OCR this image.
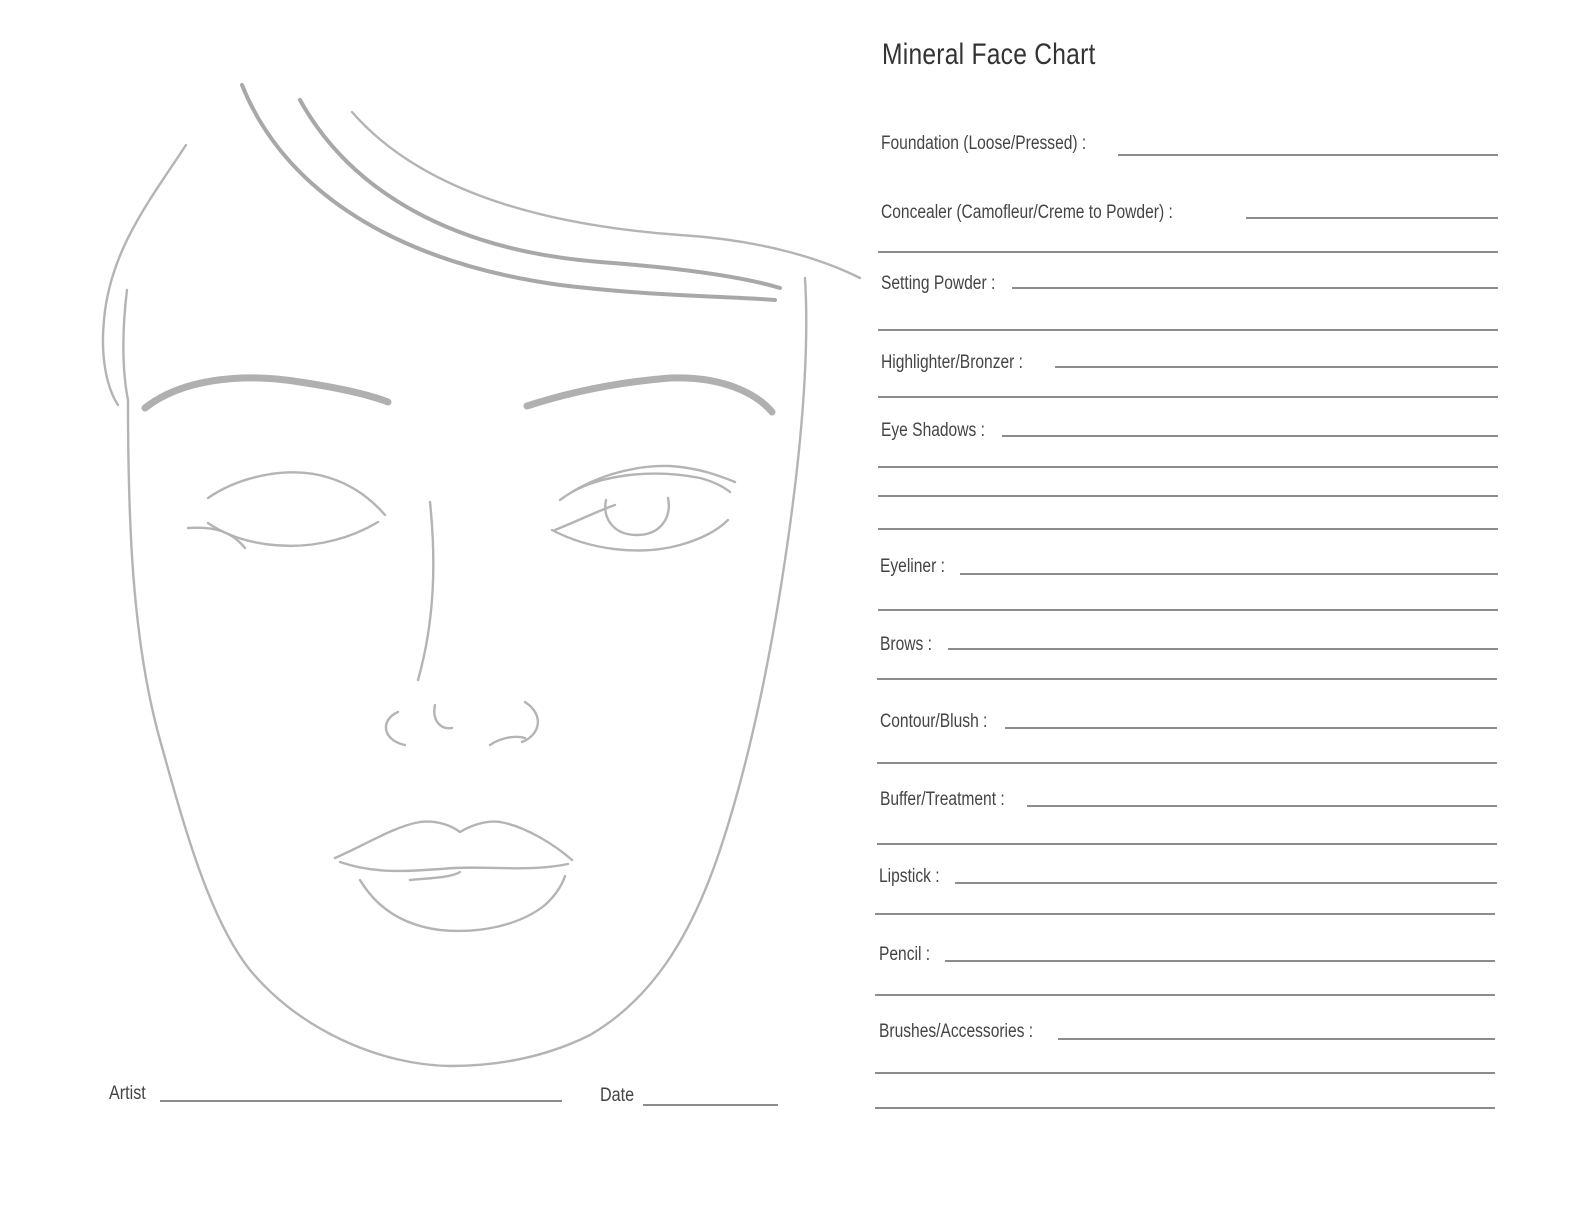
Mineral Face Chart
Foundation (Loose/Pressed) :
Concealer (Camoflеur/Creme to Powder) :
Setting Powder :
Highlighter/Bronzer :
Eye Shadows :
Eyeliner :
Brows :
Contour/Blush :
Buffer/Treatment :
Lipstick :
Pencil :
Brushes/Accessories :
Artist	Date
